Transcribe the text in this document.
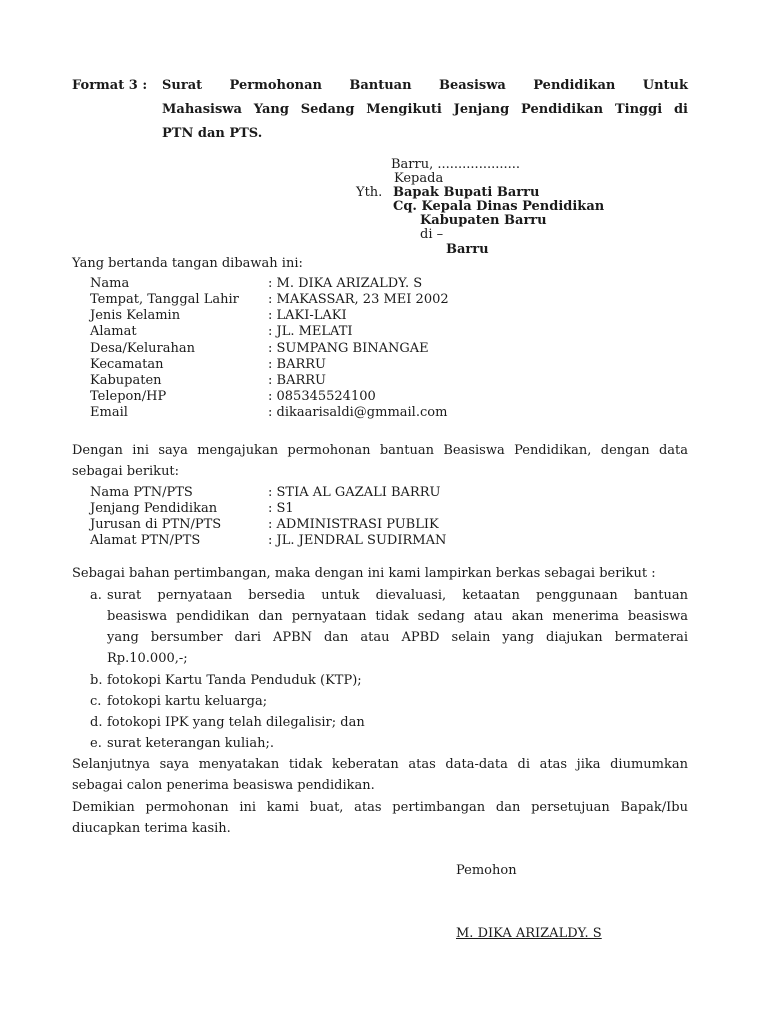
Format 3 :	Surat Permohonan Bantuan Beasiswa Pendidikan Untuk
Mahasiswa Yang Sedang Mengikuti Jenjang Pendidikan Tinggi di
PTN dan PTS.
Barru, ....................
Kepada
Yth. Bapak Bupati Barru
Cq. Kepala Dinas Pendidikan
Kabupaten Barru
di –
Barru
Yang bertanda tangan dibawah ini:
Nama	: M. DIKA ARIZALDY. S
Tempat, Tanggal Lahir	: MAKASSAR, 23 MEI 2002
Jenis Kelamin	: LAKI-LAKI
Alamat	: JL. MELATI
Desa/Kelurahan	: SUMPANG BINANGAE
Kecamatan	: BARRU
Kabupaten	: BARRU
Telepon/HP	: 085345524100
Email	: dikaarisaldi@gmmail.com
Dengan ini saya mengajukan permohonan bantuan Beasiswa Pendidikan, dengan data
sebagai berikut:
Nama PTN/PTS	: STIA AL GAZALI BARRU
Jenjang Pendidikan	: S1
Jurusan di PTN/PTS	: ADMINISTRASI PUBLIK
Alamat PTN/PTS	: JL. JENDRAL SUDIRMAN
Sebagai bahan pertimbangan, maka dengan ini kami lampirkan berkas sebagai berikut :
a. surat pernyataan bersedia untuk dievaluasi, ketaatan penggunaan bantuan
beasiswa pendidikan dan pernyataan tidak sedang atau akan menerima beasiswa
yang bersumber dari APBN dan atau APBD selain yang diajukan bermaterai
Rp.10.000,-;
b. fotokopi Kartu Tanda Penduduk (KTP);
c. fotokopi kartu keluarga;
d. fotokopi IPK yang telah dilegalisir; dan
e. surat keterangan kuliah;.
Selanjutnya saya menyatakan tidak keberatan atas data-data di atas jika diumumkan
sebagai calon penerima beasiswa pendidikan.
Demikian permohonan ini kami buat, atas pertimbangan dan persetujuan Bapak/Ibu
diucapkan terima kasih.
Pemohon
M. DIKA ARIZALDY. S
